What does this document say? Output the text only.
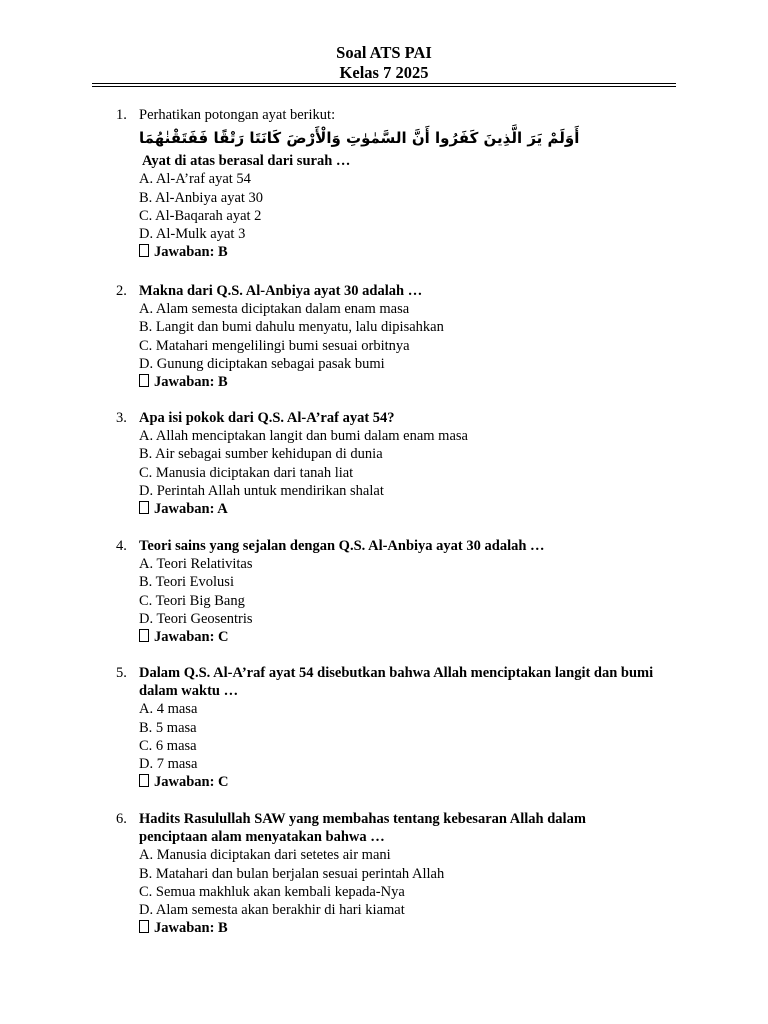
Soal ATS PAI
Kelas 7 2025
1. Perhatikan potongan ayat berikut:
أَوَلَمْ يَرَ الَّذِينَ كَفَرُوا أَنَّ السَّمٰوٰتِ وَالْأَرْضَ كَانَتَا رَتْقًا فَفَتَقْنٰهُمَا
Ayat di atas berasal dari surah …
A. Al-A’raf ayat 54
B. Al-Anbiya ayat 30
C. Al-Baqarah ayat 2
D. Al-Mulk ayat 3
Jawaban: B
2. Makna dari Q.S. Al-Anbiya ayat 30 adalah …
A. Alam semesta diciptakan dalam enam masa
B. Langit dan bumi dahulu menyatu, lalu dipisahkan
C. Matahari mengelilingi bumi sesuai orbitnya
D. Gunung diciptakan sebagai pasak bumi
Jawaban: B
3. Apa isi pokok dari Q.S. Al-A’raf ayat 54?
A. Allah menciptakan langit dan bumi dalam enam masa
B. Air sebagai sumber kehidupan di dunia
C. Manusia diciptakan dari tanah liat
D. Perintah Allah untuk mendirikan shalat
Jawaban: A
4. Teori sains yang sejalan dengan Q.S. Al-Anbiya ayat 30 adalah …
A. Teori Relativitas
B. Teori Evolusi
C. Teori Big Bang
D. Teori Geosentris
Jawaban: C
5. Dalam Q.S. Al-A’raf ayat 54 disebutkan bahwa Allah menciptakan langit dan bumi dalam waktu …
A. 4 masa
B. 5 masa
C. 6 masa
D. 7 masa
Jawaban: C
6. Hadits Rasulullah SAW yang membahas tentang kebesaran Allah dalam penciptaan alam menyatakan bahwa …
A. Manusia diciptakan dari setetes air mani
B. Matahari dan bulan berjalan sesuai perintah Allah
C. Semua makhluk akan kembali kepada-Nya
D. Alam semesta akan berakhir di hari kiamat
Jawaban: B
